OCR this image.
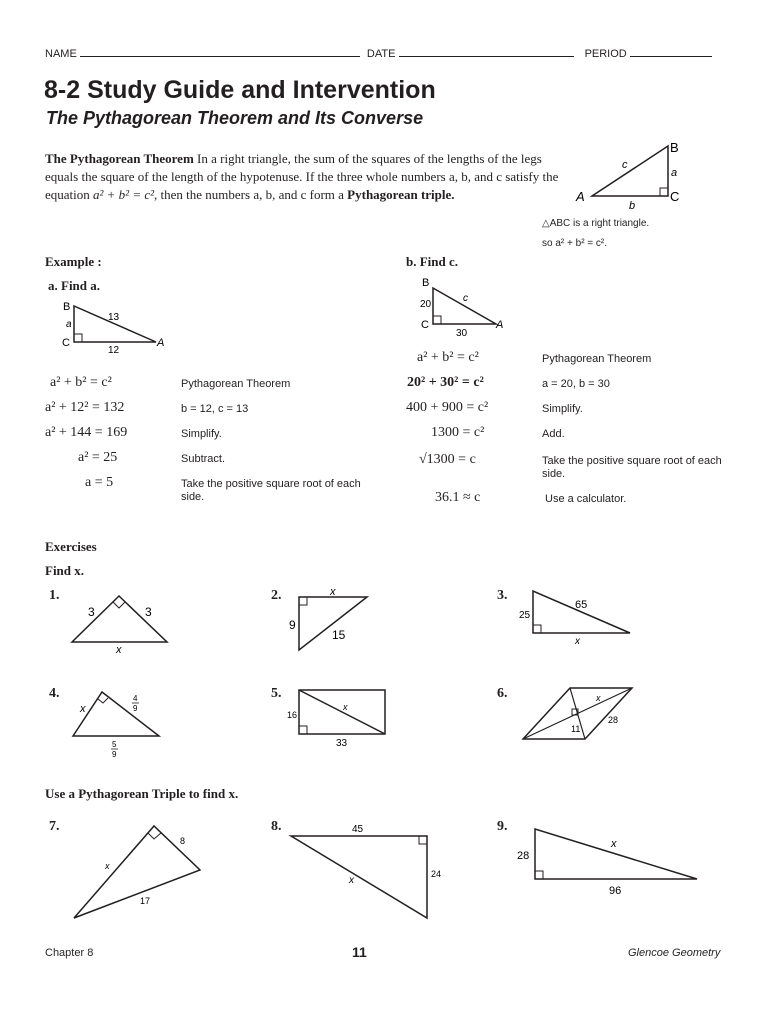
NAME	DATE	PERIOD
8-2 Study Guide and Intervention
The Pythagorean Theorem and Its Converse
The Pythagorean Theorem In a right triangle, the sum of the squares of the lengths of the legs equals the square of the length of the hypotenuse. If the three whole numbers a, b, and c satisfy the equation a² + b² = c², then the numbers a, b, and c form a Pythagorean triple.
B
C
A
a
b
c
△ABC is a right triangle.
so a² + b² = c².
Example :
a. Find a.
b. Find c.
B
C	A
a
13
12
B
C	A
c
20
30
a² + b² = c²	Pythagorean Theorem
a² + 12² = 132	b = 12, c = 13
a² + 144 = 169	Simplify.
a² = 25	Subtract.
a = 5	Take the positive square root of each side.
a² + b² = c²	Pythagorean Theorem
20² + 30² = c²	a = 20, b = 30
400 + 900 = c²	Simplify.
1300 = c²	Add.
√1300 = c	Take the positive square root of each side.
36.1 ≈ c	Use a calculator.
Exercises
Find x.
1.	2.	3.
4.	5.	6.
3	3
x
x
9
15
65
25
x
x
4
9
5
9
16
x
33
x
11
28
Use a Pythagorean Triple to find x.
7.	8.	9.
8
x
17
45
x
24
x
28
96
Chapter 8	11	Glencoe Geometry
